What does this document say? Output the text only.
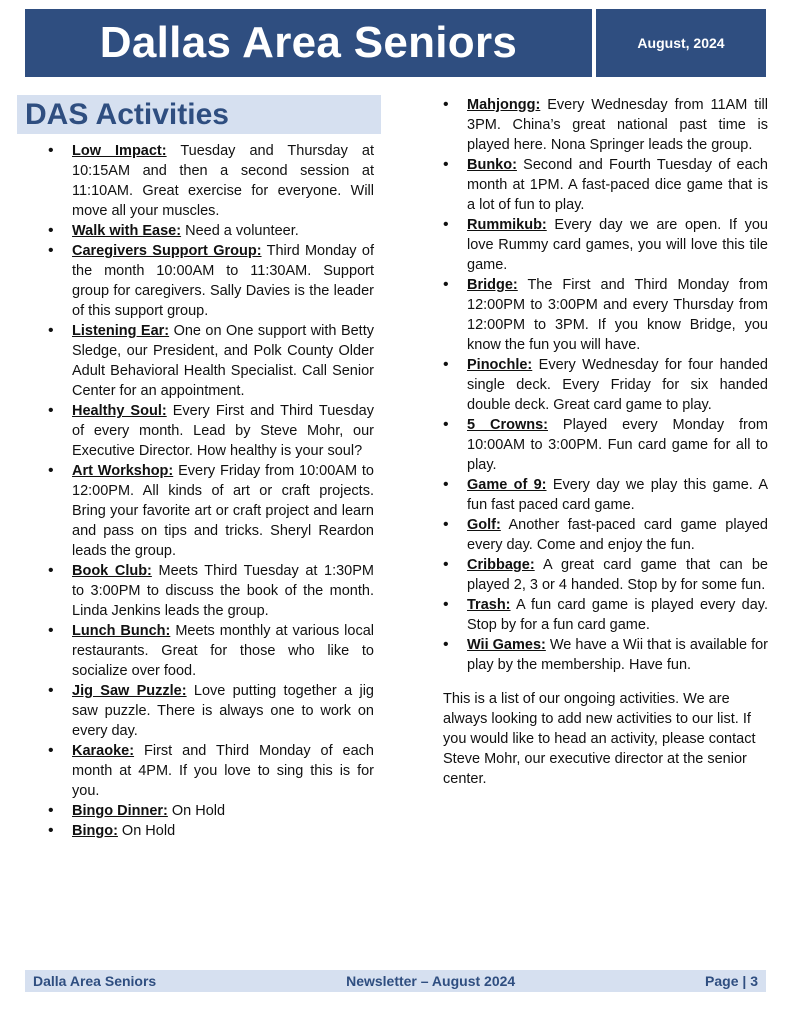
Dallas Area Seniors	August, 2024
DAS Activities
• Low Impact: Tuesday and Thursday at 10:15AM and then a second session at 11:10AM. Great exercise for everyone. Will move all your muscles.
• Walk with Ease: Need a volunteer.
• Caregivers Support Group: Third Monday of the month 10:00AM to 11:30AM. Support group for caregivers. Sally Davies is the leader of this support group.
• Listening Ear: One on One support with Betty Sledge, our President, and Polk County Older Adult Behavioral Health Specialist. Call Senior Center for an appointment.
• Healthy Soul: Every First and Third Tuesday of every month. Lead by Steve Mohr, our Executive Director. How healthy is your soul?
• Art Workshop: Every Friday from 10:00AM to 12:00PM. All kinds of art or craft projects. Bring your favorite art or craft project and learn and pass on tips and tricks. Sheryl Reardon leads the group.
• Book Club: Meets Third Tuesday at 1:30PM to 3:00PM to discuss the book of the month. Linda Jenkins leads the group.
• Lunch Bunch: Meets monthly at various local restaurants. Great for those who like to socialize over food.
• Jig Saw Puzzle: Love putting together a jig saw puzzle. There is always one to work on every day.
• Karaoke: First and Third Monday of each month at 4PM. If you love to sing this is for you.
• Bingo Dinner: On Hold
• Bingo: On Hold
• Mahjongg: Every Wednesday from 11AM till 3PM. China’s great national past time is played here. Nona Springer leads the group.
• Bunko: Second and Fourth Tuesday of each month at 1PM. A fast-paced dice game that is a lot of fun to play.
• Rummikub: Every day we are open. If you love Rummy card games, you will love this tile game.
• Bridge: The First and Third Monday from 12:00PM to 3:00PM and every Thursday from 12:00PM to 3PM. If you know Bridge, you know the fun you will have.
• Pinochle: Every Wednesday for four handed single deck. Every Friday for six handed double deck. Great card game to play.
• 5 Crowns: Played every Monday from 10:00AM to 3:00PM. Fun card game for all to play.
• Game of 9: Every day we play this game. A fun fast paced card game.
• Golf: Another fast-paced card game played every day. Come and enjoy the fun.
• Cribbage: A great card game that can be played 2, 3 or 4 handed. Stop by for some fun.
• Trash: A fun card game is played every day. Stop by for a fun card game.
• Wii Games: We have a Wii that is available for play by the membership. Have fun.

This is a list of our ongoing activities. We are always looking to add new activities to our list. If you would like to head an activity, please contact Steve Mohr, our executive director at the senior center.

Dalla Area Seniors	Newsletter – August 2024	Page | 3
